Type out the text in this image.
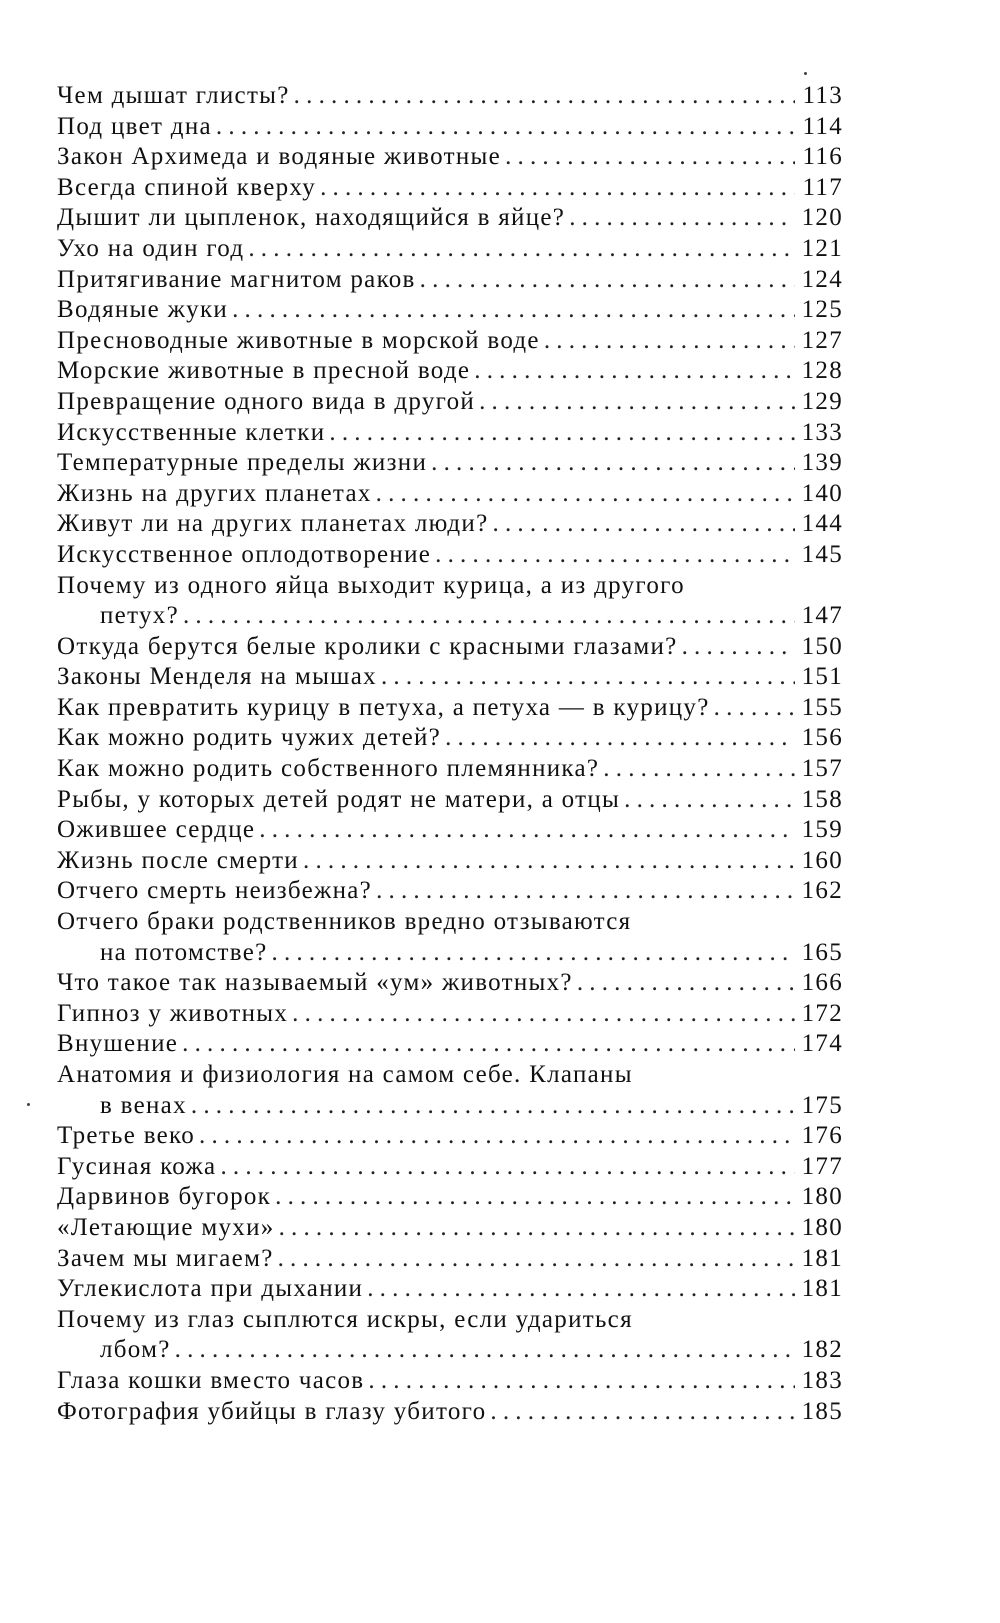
Чем дышат глисты? .....	113
Под цвет дна .....	114
Закон Архимеда и водяные животные .....	116
Всегда спиной кверху .....	117
Дышит ли цыпленок, находящийся в яйце? .....	120
Ухо на один год .....	121
Притягивание магнитом раков .....	124
Водяные жуки .....	125
Пресноводные животные в морской воде .....	127
Морские животные в пресной воде .....	128
Превращение одного вида в другой .....	129
Искусственные клетки .....	133
Температурные пределы жизни .....	139
Жизнь на других планетах .....	140
Живут ли на других планетах люди? .....	144
Искусственное оплодотворение .....	145
Почему из одного яйца выходит курица, а из другого
петух? .....	147
Откуда берутся белые кролики с красными глазами? .....	150
Законы Менделя на мышах .....	151
Как превратить курицу в петуха, а петуха — в курицу? .....	155
Как можно родить чужих детей? .....	156
Как можно родить собственного племянника? .....	157
Рыбы, у которых детей родят не матери, а отцы .....	158
Ожившее сердце .....	159
Жизнь после смерти .....	160
Отчего смерть неизбежна? .....	162
Отчего браки родственников вредно отзываются
на потомстве? .....	165
Что такое так называемый «ум» животных? .....	166
Гипноз у животных .....	172
Внушение .....	174
Анатомия и физиология на самом себе. Клапаны
в венах .....	175
Третье веко .....	176
Гусиная кожа .....	177
Дарвинов бугорок .....	180
«Летающие мухи» .....	180
Зачем мы мигаем? .....	181
Углекислота при дыхании .....	181
Почему из глаз сыплются искры, если удариться
лбом? .....	182
Глаза кошки вместо часов .....	183
Фотография убийцы в глазу убитого .....	185
